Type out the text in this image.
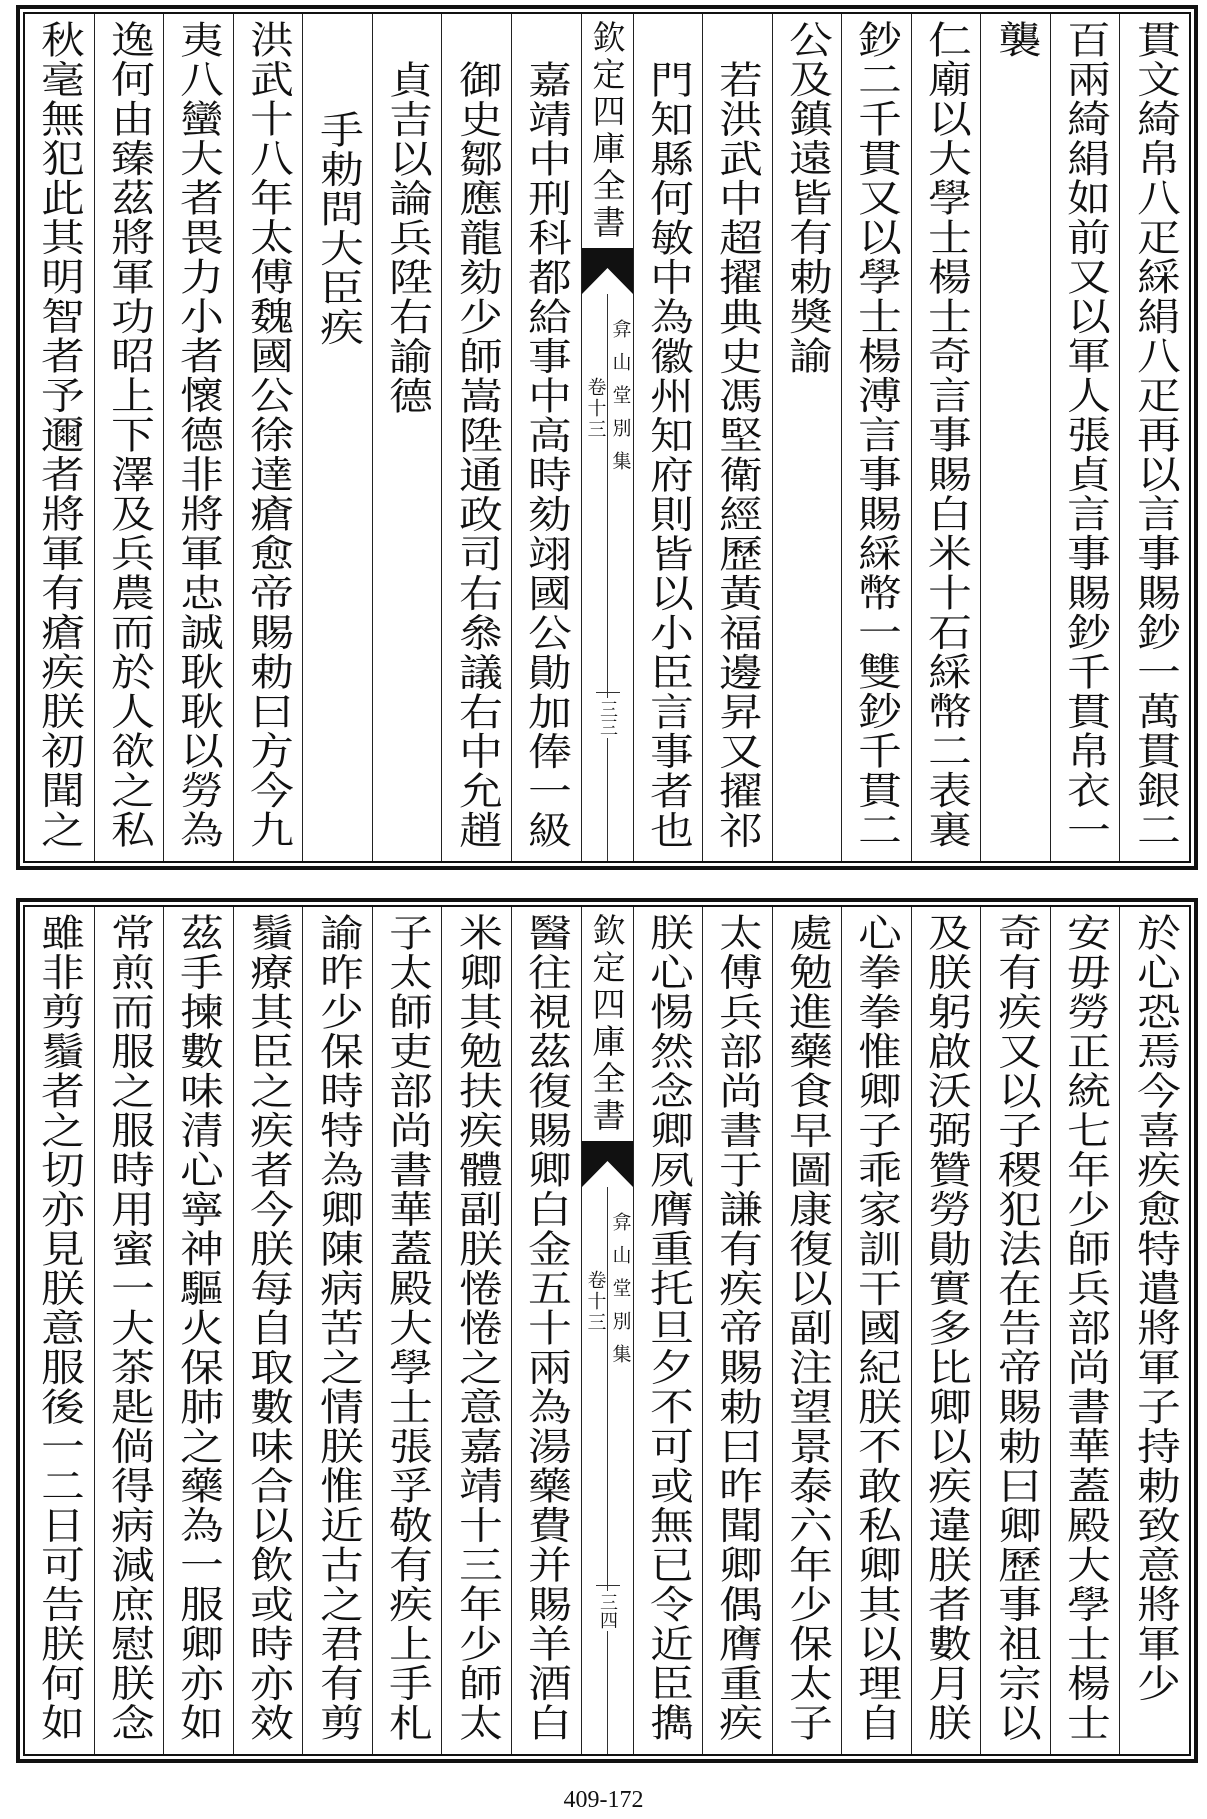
貫文綺帛八疋綵絹八疋再以言事賜鈔一萬貫銀二
百兩綺絹如前又以軍人張貞言事賜鈔千貫帛衣一
襲
仁廟以大學士楊士奇言事賜白米十石綵幣二表裏
鈔二千貫又以學士楊溥言事賜綵幣一雙鈔千貫二
公及鎮遠皆有勅奬諭
若洪武中超擢典史馮堅衛經歷黃福邊昇又擢祁
門知縣何敏中為徽州知府則皆以小臣言事者也
欽定四庫全書
弇山堂別集
卷十三
三三
嘉靖中刑科都給事中高時劾翊國公勛加俸一級
御史鄒應龍劾少師嵩陞通政司右叅議右中允趙
貞吉以論兵陞右諭德
手勅問大臣疾
洪武十八年太傅魏國公徐達瘡愈帝賜勅曰方今九
夷八蠻大者畏力小者懷德非將軍忠誠耿耿以勞為
逸何由臻茲將軍功昭上下澤及兵農而於人欲之私
秋毫無犯此其明智者予邇者將軍有瘡疾朕初聞之
於心恐焉今喜疾愈特遣將軍子持勅致意將軍少
安毋勞正統七年少師兵部尚書華蓋殿大學士楊士
奇有疾又以子稷犯法在告帝賜勅曰卿歷事祖宗以
及朕躬啟沃弼贊勞勛實多比卿以疾違朕者數月朕
心拳拳惟卿子乖家訓干國紀朕不敢私卿其以理自
處勉進藥食早圖康復以副注望景泰六年少保太子
太傅兵部尚書于謙有疾帝賜勅曰昨聞卿偶膺重疾
朕心惕然念卿夙膺重托旦夕不可或無已令近臣擕
欽定四庫全書
弇山堂別集
卷十三
三四
醫往視茲復賜卿白金五十兩為湯藥費并賜羊酒白
米卿其勉扶疾體副朕惓惓之意嘉靖十三年少師太
子太師吏部尚書華蓋殿大學士張孚敬有疾上手札
諭昨少保時特為卿陳病苦之情朕惟近古之君有剪
鬚療其臣之疾者今朕每自取數味合以飲或時亦效
茲手揀數味清心寧神驅火保肺之藥為一服卿亦如
常煎而服之服時用蜜一大茶匙倘得病減庶慰朕念
雖非剪鬚者之切亦見朕意服後一二日可告朕何如
409-172
